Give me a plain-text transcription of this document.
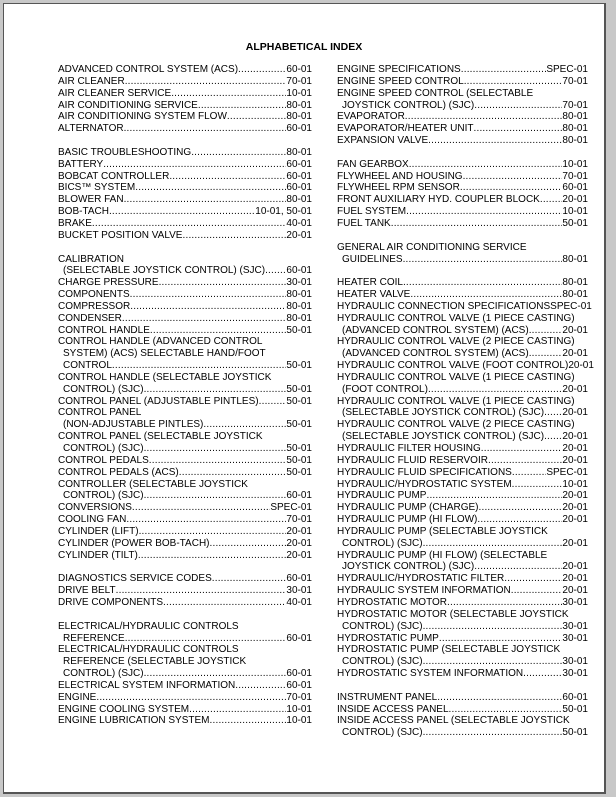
ALPHABETICAL INDEX
ADVANCED CONTROL SYSTEM (ACS) .....	60-01
AIR CLEANER .....	70-01
AIR CLEANER SERVICE .....	10-01
AIR CONDITIONING SERVICE .....	80-01
AIR CONDITIONING SYSTEM FLOW .....	80-01
ALTERNATOR .....	60-01
BASIC TROUBLESHOOTING .....	80-01
BATTERY .....	60-01
BOBCAT CONTROLLER .....	60-01
BICS™ SYSTEM .....	60-01
BLOWER FAN .....	80-01
BOB-TACH .....	10-01, 50-01
BRAKE .....	40-01
BUCKET POSITION VALVE .....	20-01
CALIBRATION
(SELECTABLE JOYSTICK CONTROL) (SJC) ..... 60-01
CHARGE PRESSURE .....	30-01
COMPONENTS .....	80-01
COMPRESSOR .....	80-01
CONDENSER .....	80-01
CONTROL HANDLE .....	50-01
CONTROL HANDLE (ADVANCED CONTROL
SYSTEM) (ACS) SELECTABLE HAND/FOOT
CONTROL .....	50-01
CONTROL HANDLE (SELECTABLE JOYSTICK
CONTROL) (SJC) .....	50-01
CONTROL PANEL (ADJUSTABLE PINTLES) .....	50-01
CONTROL PANEL
(NON-ADJUSTABLE PINTLES) .....	50-01
CONTROL PANEL (SELECTABLE JOYSTICK
CONTROL) (SJC) .....	50-01
CONTROL PEDALS .....	50-01
CONTROL PEDALS (ACS) .....	50-01
CONTROLLER (SELECTABLE JOYSTICK
CONTROL) (SJC) .....	60-01
CONVERSIONS .....	SPEC-01
COOLING FAN .....	70-01
CYLINDER (LIFT) .....	20-01
CYLINDER (POWER BOB-TACH) .....	20-01
CYLINDER (TILT) .....	20-01
DIAGNOSTICS SERVICE CODES .....	60-01
DRIVE BELT .....	30-01
DRIVE COMPONENTS .....	40-01
ELECTRICAL/HYDRAULIC CONTROLS
REFERENCE .....	60-01
ELECTRICAL/HYDRAULIC CONTROLS
REFERENCE (SELECTABLE JOYSTICK
CONTROL) (SJC) .....	60-01
ELECTRICAL SYSTEM INFORMATION .....	60-01
ENGINE .....	70-01
ENGINE COOLING SYSTEM .....	10-01
ENGINE LUBRICATION SYSTEM .....	10-01
ENGINE SPECIFICATIONS .....	SPEC-01
ENGINE SPEED CONTROL .....	70-01
ENGINE SPEED CONTROL (SELECTABLE
JOYSTICK CONTROL) (SJC) .....	70-01
EVAPORATOR .....	80-01
EVAPORATOR/HEATER UNIT .....	80-01
EXPANSION VALVE .....	80-01
FAN GEARBOX .....	10-01
FLYWHEEL AND HOUSING .....	70-01
FLYWHEEL RPM SENSOR .....	60-01
FRONT AUXILIARY HYD. COUPLER BLOCK ..... 20-01
FUEL SYSTEM .....	10-01
FUEL TANK .....	50-01
GENERAL AIR CONDITIONING SERVICE
GUIDELINES .....	80-01
HEATER COIL .....	80-01
HEATER VALVE .....	80-01
HYDRAULIC CONNECTION SPECIFICATIONS SPEC-01
HYDRAULIC CONTROL VALVE (1 PIECE CASTING)
(ADVANCED CONTROL SYSTEM) (ACS) .....	20-01
HYDRAULIC CONTROL VALVE (2 PIECE CASTING)
(ADVANCED CONTROL SYSTEM) (ACS) .....	20-01
HYDRAULIC CONTROL VALVE (FOOT CONTROL) 20-01
HYDRAULIC CONTROL VALVE (1 PIECE CASTING)
(FOOT CONTROL) .....	20-01
HYDRAULIC CONTROL VALVE (1 PIECE CASTING)
(SELECTABLE JOYSTICK CONTROL) (SJC) ..... 20-01
HYDRAULIC CONTROL VALVE (2 PIECE CASTING)
(SELECTABLE JOYSTICK CONTROL) (SJC) ..... 20-01
HYDRAULIC FILTER HOUSING .....	20-01
HYDRAULIC FLUID RESERVOIR .....	20-01
HYDRAULIC FLUID SPECIFICATIONS .....	SPEC-01
HYDRAULIC/HYDROSTATIC SYSTEM .....	10-01
HYDRAULIC PUMP .....	20-01
HYDRAULIC PUMP (CHARGE) .....	20-01
HYDRAULIC PUMP (HI FLOW) .....	20-01
HYDRAULIC PUMP (SELECTABLE JOYSTICK
CONTROL) (SJC) .....	20-01
HYDRAULIC PUMP (HI FLOW) (SELECTABLE
JOYSTICK CONTROL) (SJC) .....	20-01
HYDRAULIC/HYDROSTATIC FILTER .....	20-01
HYDRAULIC SYSTEM INFORMATION .....	20-01
HYDROSTATIC MOTOR .....	30-01
HYDROSTATIC MOTOR (SELECTABLE JOYSTICK
CONTROL) (SJC) .....	30-01
HYDROSTATIC PUMP .....	30-01
HYDROSTATIC PUMP (SELECTABLE JOYSTICK
CONTROL) (SJC) .....	30-01
HYDROSTATIC SYSTEM INFORMATION .....	30-01
INSTRUMENT PANEL .....	60-01
INSIDE ACCESS PANEL .....	50-01
INSIDE ACCESS PANEL (SELECTABLE JOYSTICK
CONTROL) (SJC) .....	50-01
